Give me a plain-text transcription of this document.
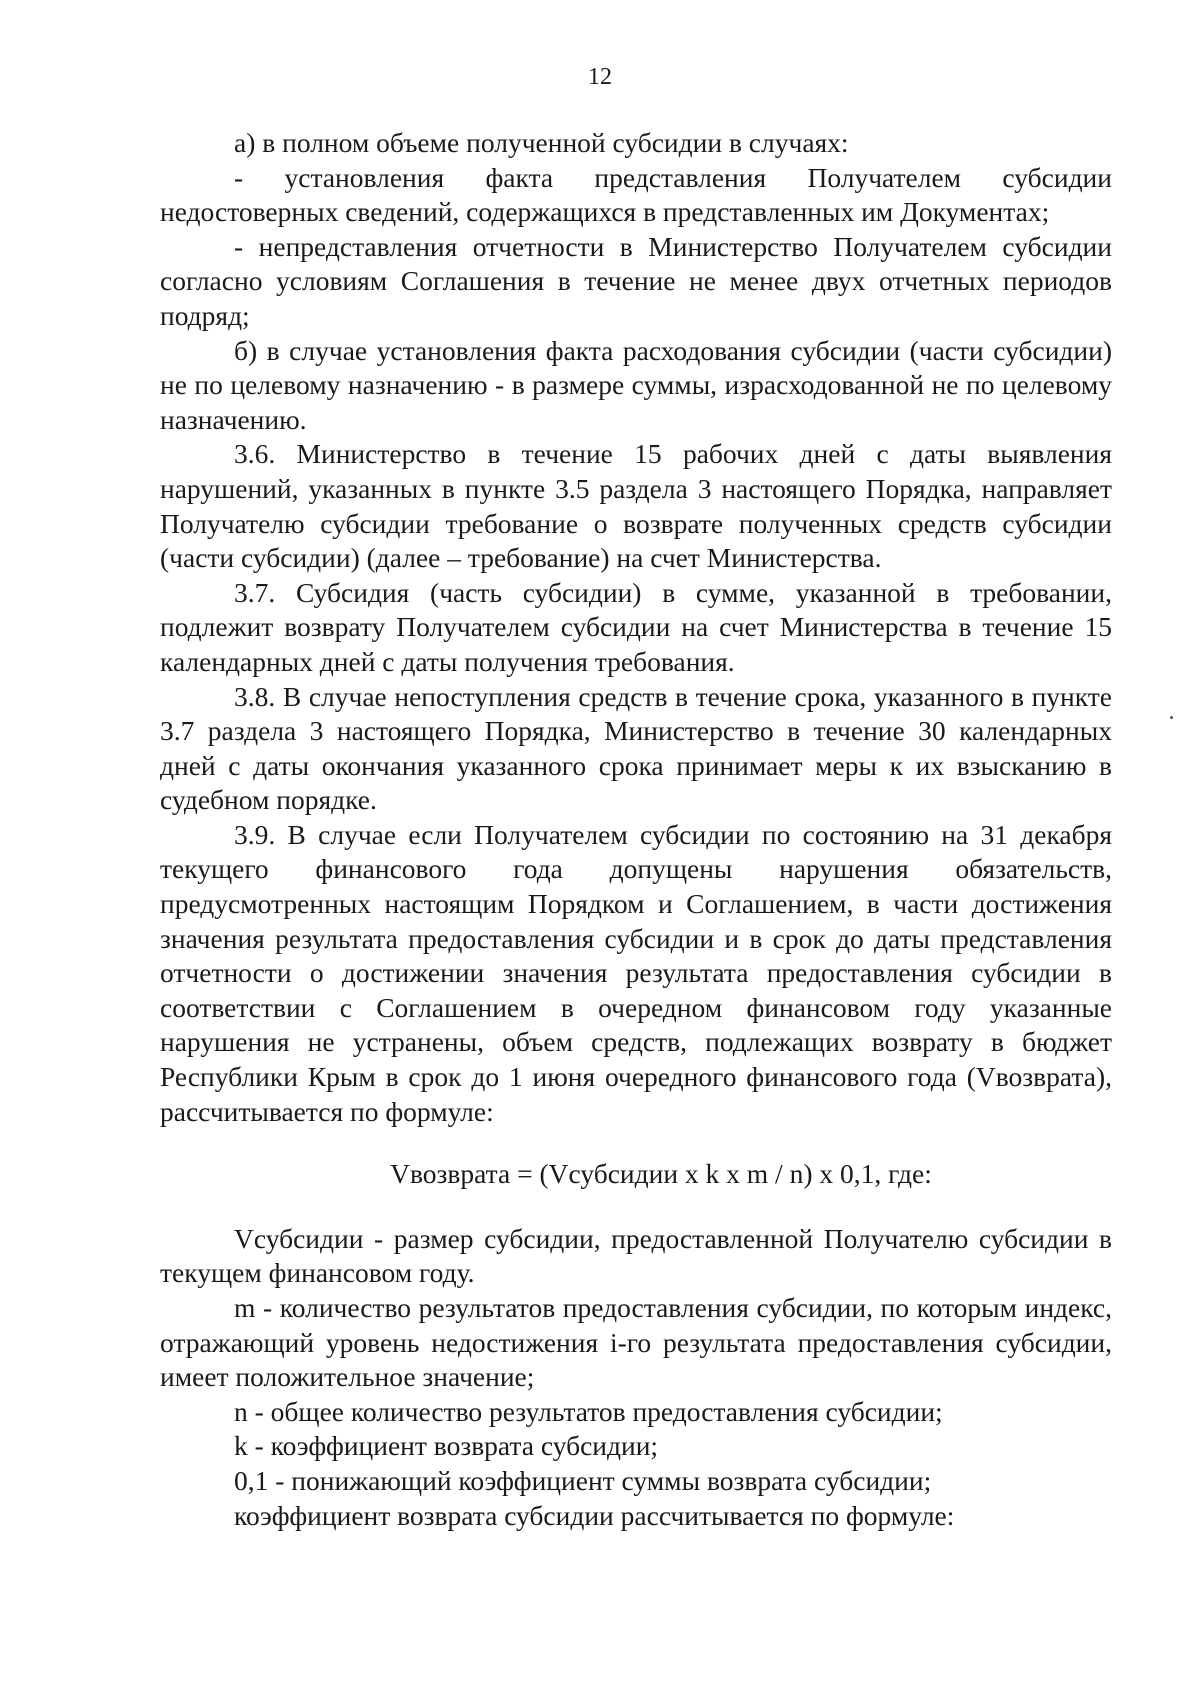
12

а) в полном объеме полученной субсидии в случаях:

- установления факта представления Получателем субсидии недостоверных сведений, содержащихся в представленных им Документах;

- непредставления отчетности в Министерство Получателем субсидии согласно условиям Соглашения в течение не менее двух отчетных периодов подряд;

б) в случае установления факта расходования субсидии (части субсидии) не по целевому назначению - в размере суммы, израсходованной не по целевому назначению.

3.6. Министерство в течение 15 рабочих дней с даты выявления нарушений, указанных в пункте 3.5 раздела 3 настоящего Порядка, направляет Получателю субсидии требование о возврате полученных средств субсидии (части субсидии) (далее – требование) на счет Министерства.

3.7. Субсидия (часть субсидии) в сумме, указанной в требовании, подлежит возврату Получателем субсидии на счет Министерства в течение 15 календарных дней с даты получения требования.

3.8. В случае непоступления средств в течение срока, указанного в пункте 3.7 раздела 3 настоящего Порядка, Министерство в течение 30 календарных дней с даты окончания указанного срока принимает меры к их взысканию в судебном порядке.

3.9. В случае если Получателем субсидии по состоянию на 31 декабря текущего финансового года допущены нарушения обязательств, предусмотренных настоящим Порядком и Соглашением, в части достижения значения результата предоставления субсидии и в срок до даты представления отчетности о достижении значения результата предоставления субсидии в соответствии с Соглашением в очередном финансовом году указанные нарушения не устранены, объем средств, подлежащих возврату в бюджет Республики Крым в срок до 1 июня очередного финансового года (Vвозврата), рассчитывается по формуле:

Vвозврата = (Vсубсидии x k x m / n) x 0,1, где:

Vсубсидии - размер субсидии, предоставленной Получателю субсидии в текущем финансовом году.

m - количество результатов предоставления субсидии, по которым индекс, отражающий уровень недостижения i-го результата предоставления субсидии, имеет положительное значение;

n - общее количество результатов предоставления субсидии;

k - коэффициент возврата субсидии;

0,1 - понижающий коэффициент суммы возврата субсидии;

коэффициент возврата субсидии рассчитывается по формуле:
